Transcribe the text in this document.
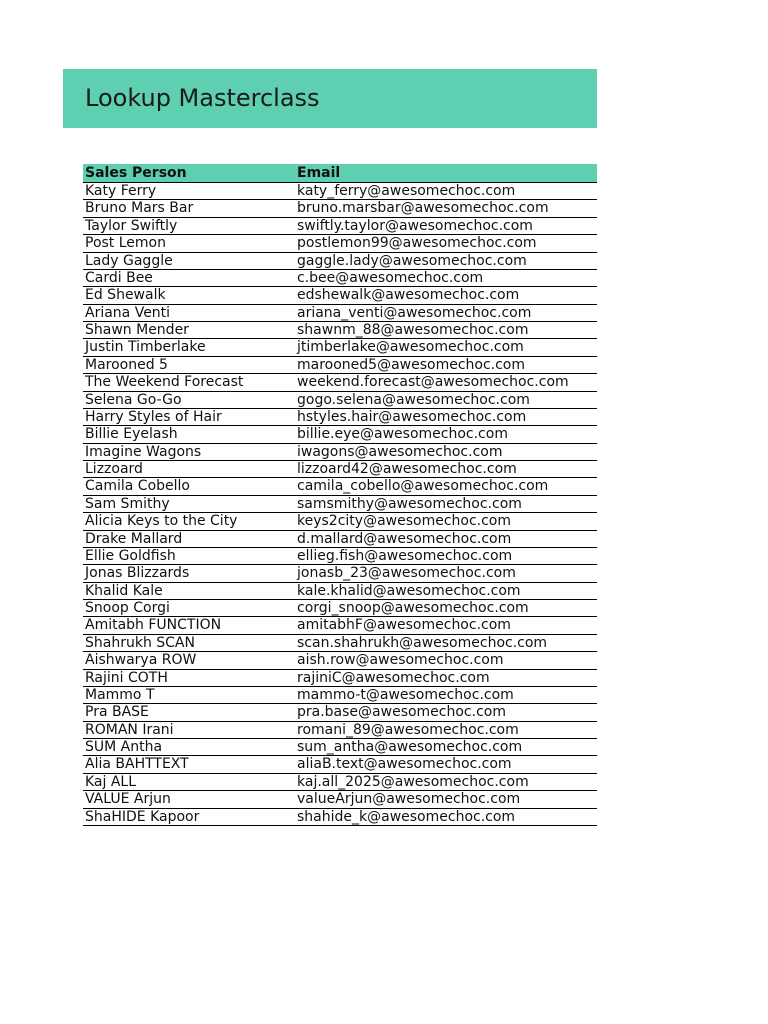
Lookup Masterclass
Sales Person	Email
Katy Ferry	katy_ferry@awesomechoc.com
Bruno Mars Bar	bruno.marsbar@awesomechoc.com
Taylor Swiftly	swiftly.taylor@awesomechoc.com
Post Lemon	postlemon99@awesomechoc.com
Lady Gaggle	gaggle.lady@awesomechoc.com
Cardi Bee	c.bee@awesomechoc.com
Ed Shewalk	edshewalk@awesomechoc.com
Ariana Venti	ariana_venti@awesomechoc.com
Shawn Mender	shawnm_88@awesomechoc.com
Justin Timberlake	jtimberlake@awesomechoc.com
Marooned 5	marooned5@awesomechoc.com
The Weekend Forecast	weekend.forecast@awesomechoc.com
Selena Go-Go	gogo.selena@awesomechoc.com
Harry Styles of Hair	hstyles.hair@awesomechoc.com
Billie Eyelash	billie.eye@awesomechoc.com
Imagine Wagons	iwagons@awesomechoc.com
Lizzoard	lizzoard42@awesomechoc.com
Camila Cobello	camila_cobello@awesomechoc.com
Sam Smithy	samsmithy@awesomechoc.com
Alicia Keys to the City	keys2city@awesomechoc.com
Drake Mallard	d.mallard@awesomechoc.com
Ellie Goldfish	ellieg.fish@awesomechoc.com
Jonas Blizzards	jonasb_23@awesomechoc.com
Khalid Kale	kale.khalid@awesomechoc.com
Snoop Corgi	corgi_snoop@awesomechoc.com
Amitabh FUNCTION	amitabhF@awesomechoc.com
Shahrukh SCAN	scan.shahrukh@awesomechoc.com
Aishwarya ROW	aish.row@awesomechoc.com
Rajini COTH	rajiniC@awesomechoc.com
Mammo T	mammo-t@awesomechoc.com
Pra BASE	pra.base@awesomechoc.com
ROMAN Irani	romani_89@awesomechoc.com
SUM Antha	sum_antha@awesomechoc.com
Alia BAHTTEXT	aliaB.text@awesomechoc.com
Kaj ALL	kaj.all_2025@awesomechoc.com
VALUE Arjun	valueArjun@awesomechoc.com
ShaHIDE Kapoor	shahide_k@awesomechoc.com
